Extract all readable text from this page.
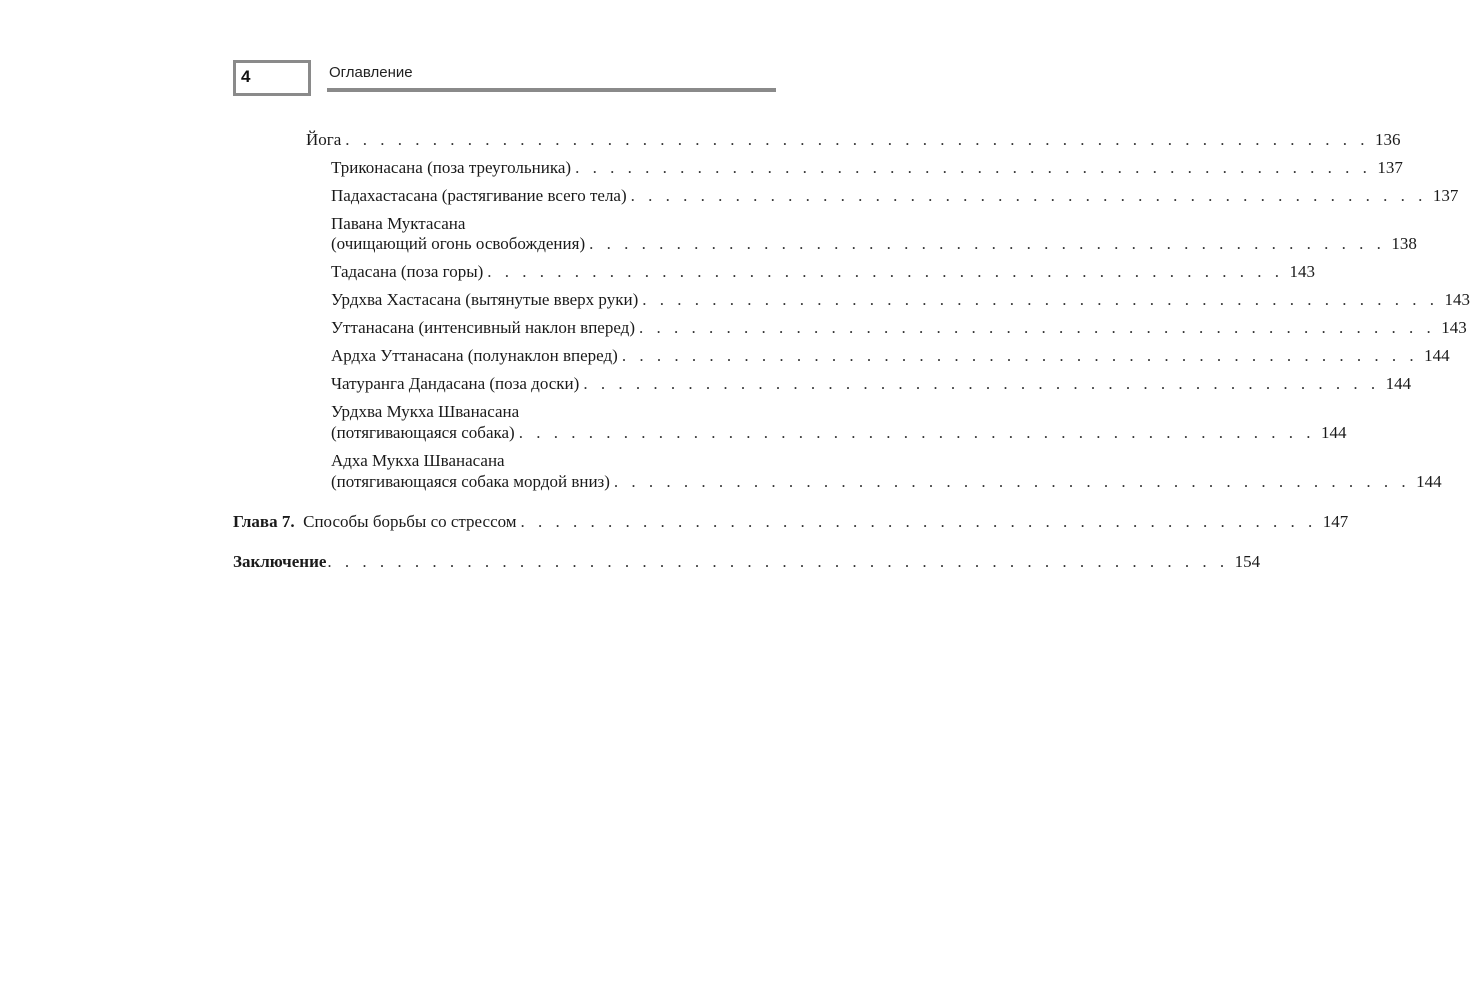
4	Оглавление
Йога . . . . . . . . . . . . . . . . . . . . . . . . . . . . . . . . . . . . . . . . . . . . . . . . . . . . . . . . . . . 136
Триконасана (поза треугольника) . . . . . . . . . . . . . . . . . . . . . . . . . . . . . . . . . . . . . . . . . . . . . . 137
Падахастасана (растягивание всего тела) . . . . . . . . . . . . . . . . . . . . . . . . . . . . . . . . . . . . . . . . . . . . . . 137
Павана Муктасана
(очищающий огонь освобождения) . . . . . . . . . . . . . . . . . . . . . . . . . . . . . . . . . . . . . . . . . . . . . . 138
Тадасана (поза горы) . . . . . . . . . . . . . . . . . . . . . . . . . . . . . . . . . . . . . . . . . . . . . . 143
Урдхва Хастасана (вытянутые вверх руки) . . . . . . . . . . . . . . . . . . . . . . . . . . . . . . . . . . . . . . . . . . . . . . 143
Уттанасана (интенсивный наклон вперед) . . . . . . . . . . . . . . . . . . . . . . . . . . . . . . . . . . . . . . . . . . . . . . 143
Ардха Уттанасана (полунаклон вперед) . . . . . . . . . . . . . . . . . . . . . . . . . . . . . . . . . . . . . . . . . . . . . . 144
Чатуранга Дандасана (поза доски) . . . . . . . . . . . . . . . . . . . . . . . . . . . . . . . . . . . . . . . . . . . . . . 144
Урдхва Мукха Шванасана
(потягивающаяся собака) . . . . . . . . . . . . . . . . . . . . . . . . . . . . . . . . . . . . . . . . . . . . . . 144
Адха Мукха Шванасана
(потягивающаяся собака мордой вниз) . . . . . . . . . . . . . . . . . . . . . . . . . . . . . . . . . . . . . . . . . . . . . . 144
Глава 7. Способы борьбы со стрессом . . . . . . . . . . . . . . . . . . . . . . . . . . . . . . . . . . . . . . . . . . . . . . 147
Заключение . . . . . . . . . . . . . . . . . . . . . . . . . . . . . . . . . . . . . . . . . . . . . . . . . . . . 154
